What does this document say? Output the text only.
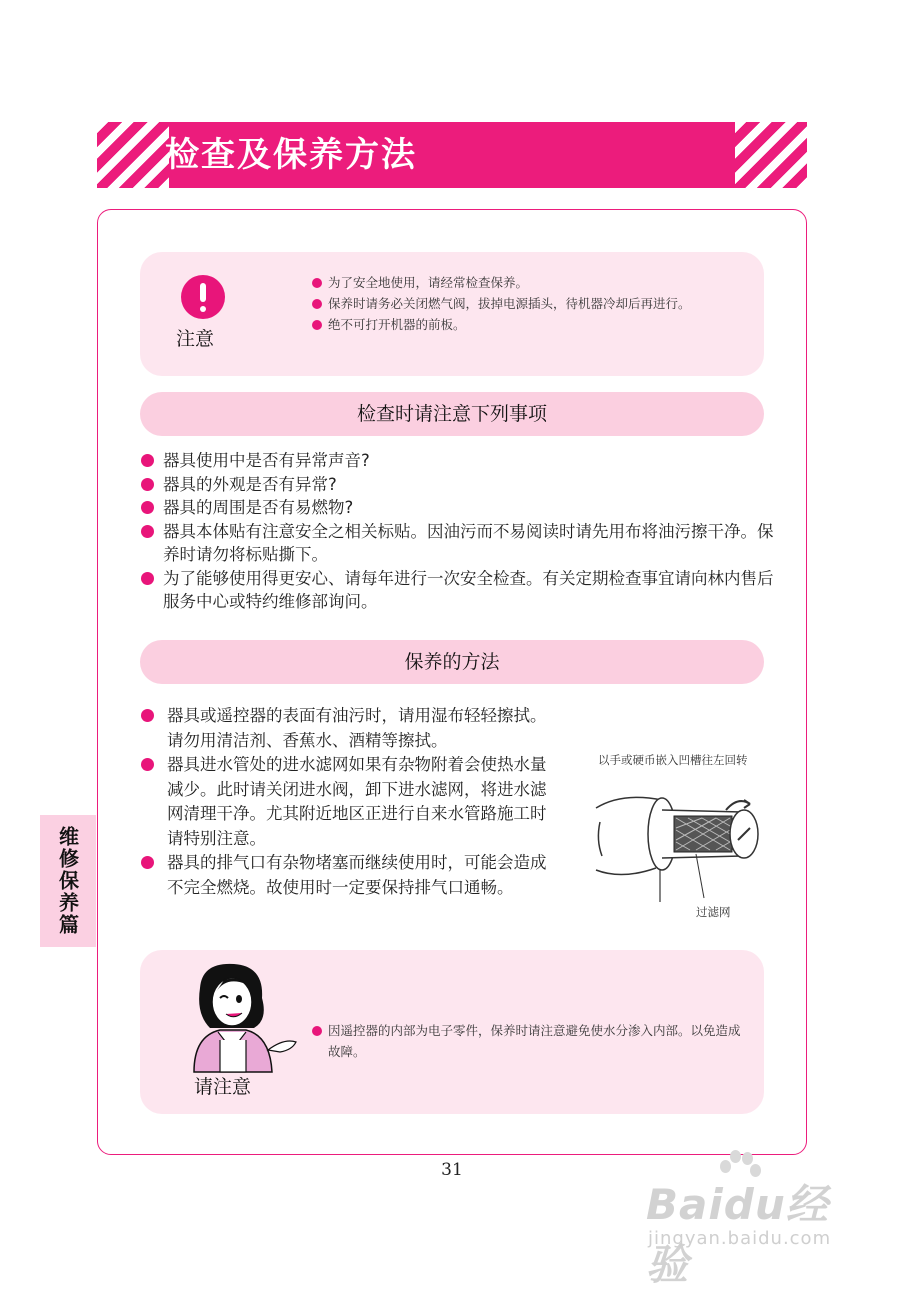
检查及保养方法
维修保养篇
注意
为了安全地使用，请经常检查保养。
保养时请务必关闭燃气阀，拔掉电源插头，待机器冷却后再进行。
绝不可打开机器的前板。
检查时请注意下列事项
器具使用中是否有异常声音?
器具的外观是否有异常?
器具的周围是否有易燃物?
器具本体贴有注意安全之相关标贴。因油污而不易阅读时请先用布将油污擦干净。保养时请勿将标贴撕下。
为了能够使用得更安心、请每年进行一次安全检查。有关定期检查事宜请向林内售后服务中心或特约维修部询问。
保养的方法
器具或遥控器的表面有油污时，请用湿布轻轻擦拭。请勿用清洁剂、香蕉水、酒精等擦拭。
器具进水管处的进水滤网如果有杂物附着会使热水量减少。此时请关闭进水阀，卸下进水滤网，将进水滤网清理干净。尤其附近地区正进行自来水管路施工时请特别注意。
器具的排气口有杂物堵塞而继续使用时，可能会造成不完全燃烧。故使用时一定要保持排气口通畅。
以手或硬币嵌入凹槽往左回转
过滤网
请注意
因遥控器的内部为电子零件，保养时请注意避免使水分渗入内部。以免造成故障。
31
Baidu经验
jingyan.baidu.com
